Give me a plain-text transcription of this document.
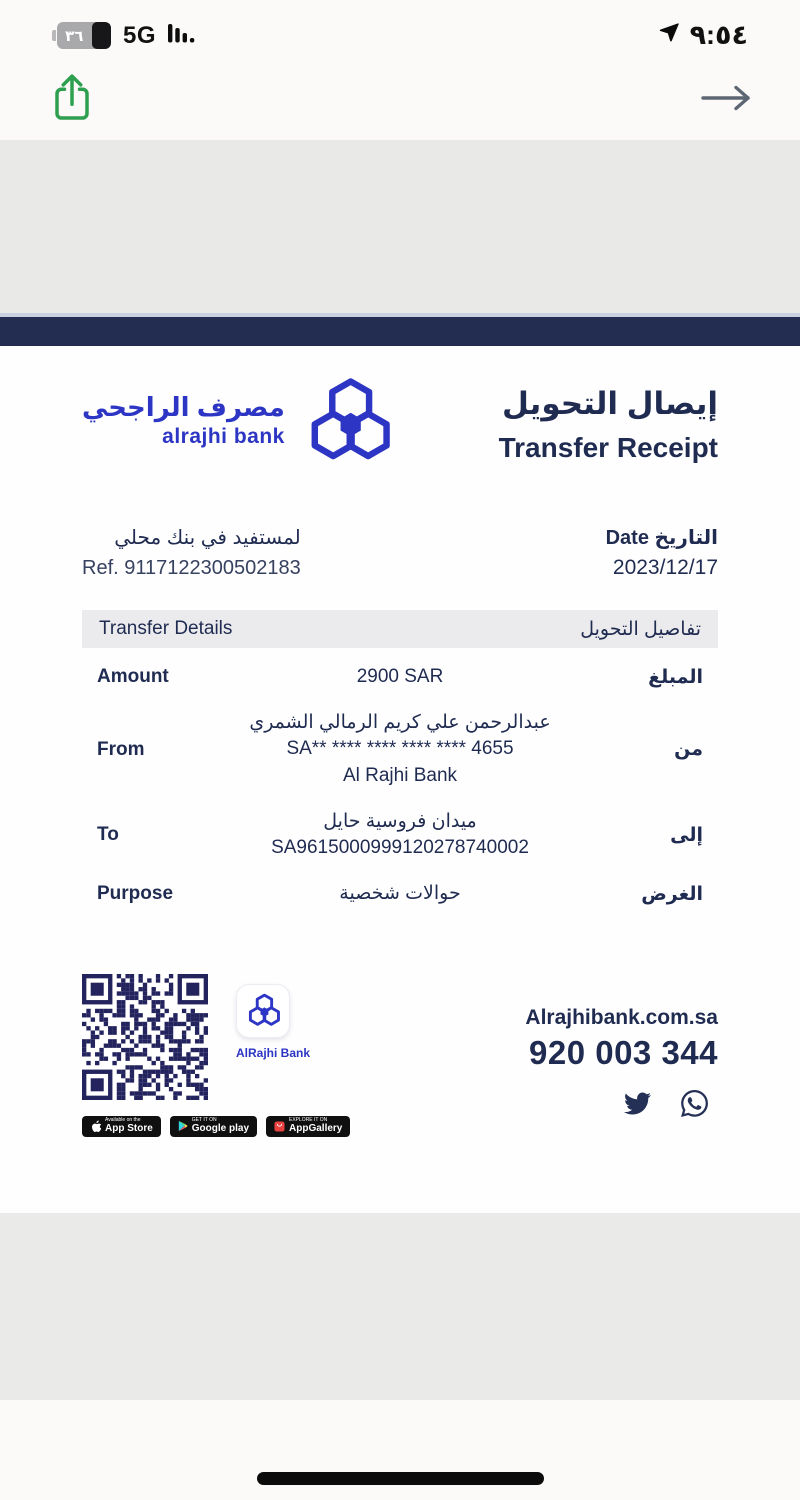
٣٦	5G	٩:٥٤
مصرف الراجحي
alrajhi bank
إيصال التحويل
Transfer Receipt
لمستفيد في بنك محلي
Ref. 9117122300502183
التاريخ Date
2023/12/17
Transfer Details	تفاصيل التحويل
Amount	2900 SAR	المبلغ
From
عبدالرحمن علي كريم الرمالي الشمري
SA** **** **** **** **** 4655
Al Rajhi Bank
من
To
ميدان فروسية حايل
SA9615000999120278740002
إلى
Purpose	حوالات شخصية	الغرض
AlRajhi Bank
Available on the
App Store
GET IT ON
Google play
EXPLORE IT ON
AppGallery
Alrajhibank.com.sa
920 003 344
